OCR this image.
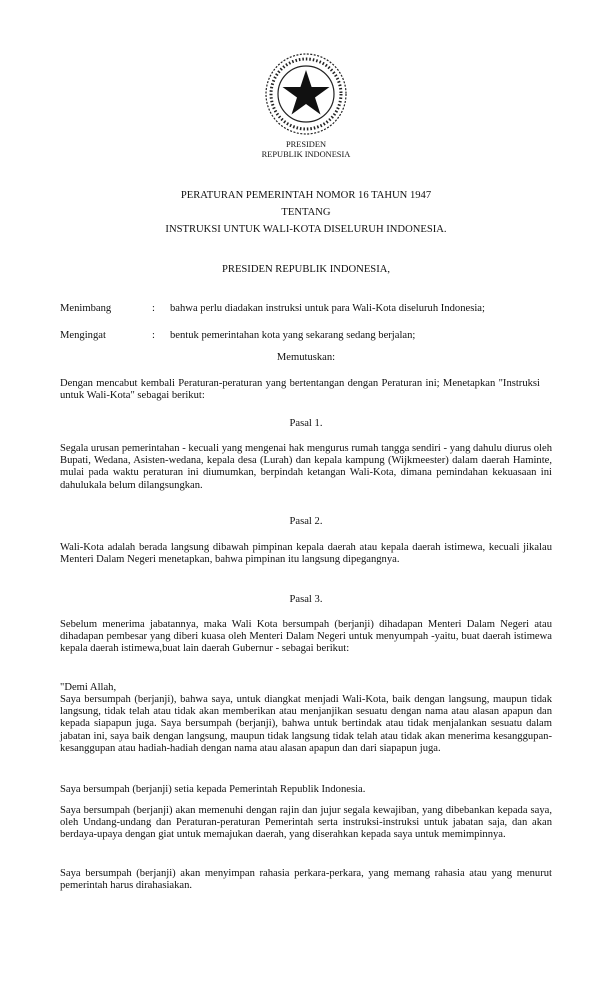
PRESIDEN
REPUBLIK INDONESIA
PERATURAN PEMERINTAH NOMOR 16 TAHUN 1947
TENTANG
INSTRUKSI UNTUK WALI-KOTA DISELURUH INDONESIA.
PRESIDEN REPUBLIK INDONESIA,
Menimbang	: bahwa perlu diadakan instruksi untuk para Wali-Kota diseluruh Indonesia;
Mengingat	: bentuk pemerintahan kota yang sekarang sedang berjalan;
Memutuskan:

Dengan mencabut kembali Peraturan-peraturan yang bertentangan dengan Peraturan ini; Menetapkan "Instruksi untuk Wali-Kota" sebagai berikut:

Pasal 1.

Segala urusan pemerintahan - kecuali yang mengenai hak mengurus rumah tangga sendiri - yang dahulu diurus oleh Bupati, Wedana, Asisten-wedana, kepala desa (Lurah) dan kepala kampung (Wijkmeester) dalam daerah Haminte, mulai pada waktu peraturan ini diumumkan, berpindah ketangan Wali-Kota, dimana pemindahan kekuasaan ini dahulukala belum dilangsungkan.

Pasal 2.

Wali-Kota adalah berada langsung dibawah pimpinan kepala daerah atau kepala daerah istimewa, kecuali jikalau Menteri Dalam Negeri menetapkan, bahwa pimpinan itu langsung dipegangnya.

Pasal 3.

Sebelum menerima jabatannya, maka Wali Kota bersumpah (berjanji) dihadapan Menteri Dalam Negeri atau dihadapan pembesar yang diberi kuasa oleh Menteri Dalam Negeri untuk menyumpah -yaitu, buat daerah istimewa kepala daerah istimewa,buat lain daerah Gubernur - sebagai berikut:

"Demi Allah,

Saya bersumpah (berjanji), bahwa saya, untuk diangkat menjadi Wali-Kota, baik dengan langsung, maupun tidak langsung, tidak telah atau tidak akan memberikan atau menjanjikan sesuatu dengan nama atau alasan apapun dan kepada siapapun juga. Saya bersumpah (berjanji), bahwa untuk bertindak atau tidak menjalankan sesuatu dalam jabatan ini, saya baik dengan langsung, maupun tidak langsung tidak telah atau tidak akan menerima kesanggupan-kesanggupan atau hadiah-hadiah dengan nama atau alasan apapun dan dari siapapun juga.

Saya bersumpah (berjanji) setia kepada Pemerintah Republik Indonesia.

Saya bersumpah (berjanji) akan memenuhi dengan rajin dan jujur segala kewajiban, yang dibebankan kepada saya, oleh Undang-undang dan Peraturan-peraturan Pemerintah serta instruksi-instruksi untuk jabatan saja, dan akan berdaya-upaya dengan giat untuk memajukan daerah, yang diserahkan kepada saya untuk memimpinnya.

Saya bersumpah (berjanji) akan menyimpan rahasia perkara-perkara, yang memang rahasia atau yang menurut pemerintah harus dirahasiakan.
